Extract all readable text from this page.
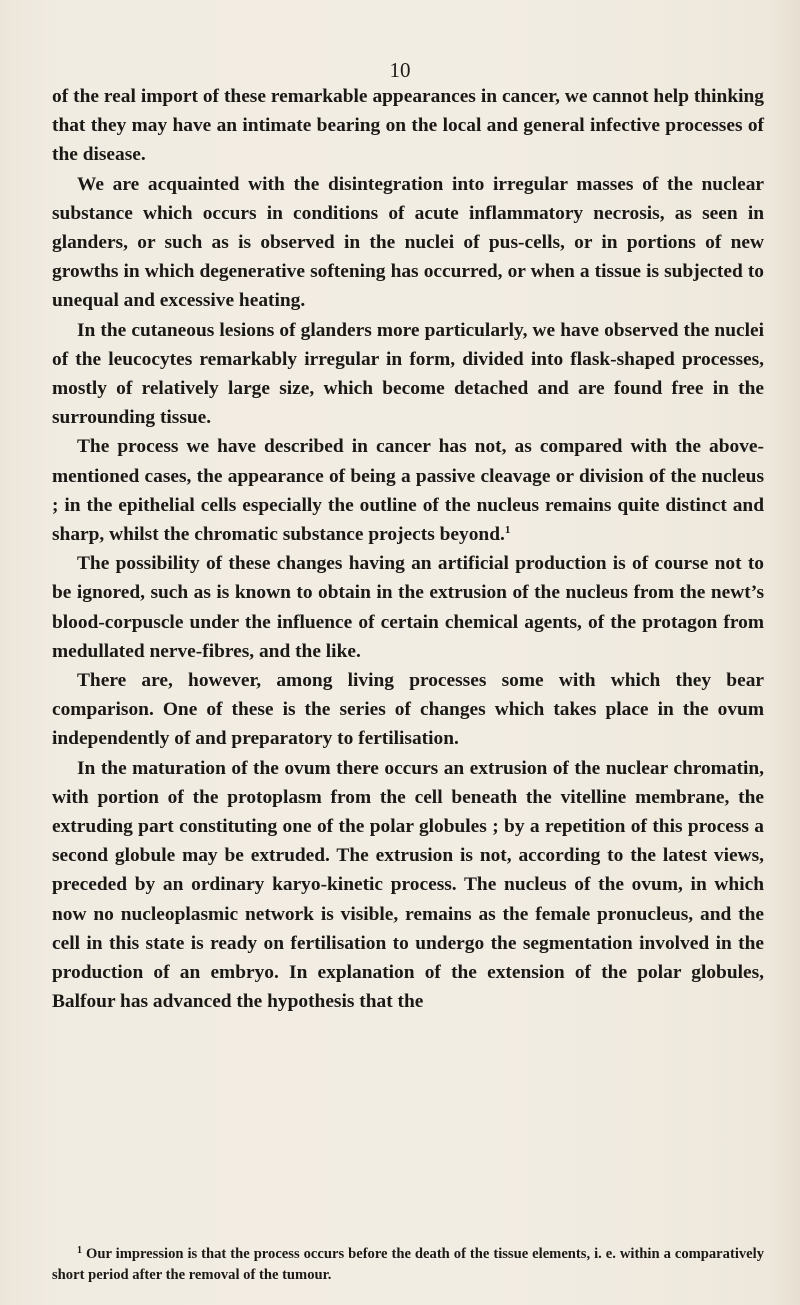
10

of the real import of these remarkable appearances in cancer, we cannot help thinking that they may have an intimate bearing on the local and general infective processes of the disease.

We are acquainted with the disintegration into irregular masses of the nuclear substance which occurs in conditions of acute inflammatory necrosis, as seen in glanders, or such as is observed in the nuclei of pus-cells, or in portions of new growths in which degenerative softening has occurred, or when a tissue is subjected to unequal and excessive heating.

In the cutaneous lesions of glanders more particularly, we have observed the nuclei of the leucocytes remarkably irregular in form, divided into flask-shaped processes, mostly of relatively large size, which become detached and are found free in the surrounding tissue.

The process we have described in cancer has not, as compared with the above-mentioned cases, the appearance of being a passive cleavage or division of the nucleus ; in the epithelial cells especially the outline of the nucleus remains quite distinct and sharp, whilst the chromatic substance projects beyond.$^1$

The possibility of these changes having an artificial production is of course not to be ignored, such as is known to obtain in the extrusion of the nucleus from the newt’s blood-corpuscle under the influence of certain chemical agents, of the protagon from medullated nerve-fibres, and the like.

There are, however, among living processes some with which they bear comparison. One of these is the series of changes which takes place in the ovum independently of and preparatory to fertilisation.

In the maturation of the ovum there occurs an extrusion of the nuclear chromatin, with portion of the protoplasm from the cell beneath the vitelline membrane, the extruding part constituting one of the polar globules ; by a repetition of this process a second globule may be extruded. The extrusion is not, according to the latest views, preceded by an ordinary karyo-kinetic process. The nucleus of the ovum, in which now no nucleoplasmic network is visible, remains as the female pronucleus, and the cell in this state is ready on fertilisation to undergo the segmentation involved in the production of an embryo. In explanation of the extension of the polar globules, Balfour has advanced the hypothesis that the

$^1$ Our impression is that the process occurs before the death of the tissue elements, i. e. within a comparatively short period after the removal of the tumour.
